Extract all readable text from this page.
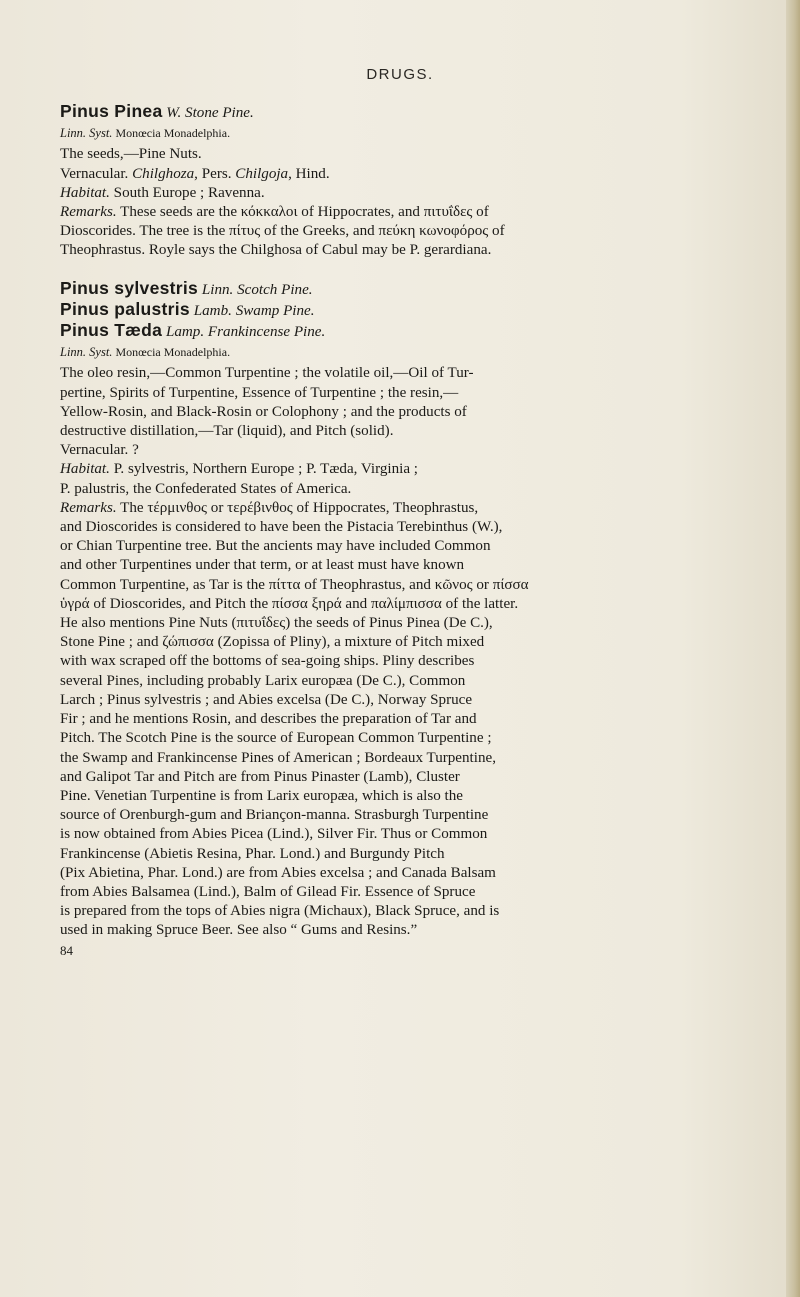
DRUGS.
Pinus Pinea W. Stone Pine.
Linn. Syst. Monœcia Monadelphia.

The seeds,—Pine Nuts.

Vernacular. Chilghoza, Pers. Chilgoja, Hind.

Habitat. South Europe ; Ravenna.

Remarks. These seeds are the κόκκαλοι of Hippocrates, and πιτυΐδες of
Dioscorides. The tree is the πίτυς of the Greeks, and πεύκη κωνοφόρος of
Theophrastus. Royle says the Chilghosa of Cabul may be P. gerardiana.
Pinus sylvestris Linn. Scotch Pine.
Pinus palustris Lamb. Swamp Pine.
Pinus Tæda Lamp. Frankincense Pine.
Linn. Syst. Monœcia Monadelphia.
The oleo resin,—Common Turpentine ; the volatile oil,—Oil of Tur-
pertine, Spirits of Turpentine, Essence of Turpentine ; the resin,—
Yellow-Rosin, and Black-Rosin or Colophony ; and the products of
destructive distillation,—Tar (liquid), and Pitch (solid).

Vernacular. ?

Habitat. P. sylvestris, Northern Europe ; P. Tæda, Virginia ;
P. palustris, the Confederated States of America.
Remarks. The τέρμινθος or τερέβινθος of Hippocrates, Theophrastus,
and Dioscorides is considered to have been the Pistacia Terebinthus (W.),
or Chian Turpentine tree. But the ancients may have included Common
and other Turpentines under that term, or at least must have known
Common Turpentine, as Tar is the πίττα of Theophrastus, and κῶνος or πίσσα
ὑγρά of Dioscorides, and Pitch the πίσσα ξηρά and παλίμπισσα of the latter.
He also mentions Pine Nuts (πιτυΐδες) the seeds of Pinus Pinea (De C.),
Stone Pine ; and ζώπισσα (Zopissa of Pliny), a mixture of Pitch mixed
with wax scraped off the bottoms of sea-going ships. Pliny describes
several Pines, including probably Larix europæa (De C.), Common
Larch ; Pinus sylvestris ; and Abies excelsa (De C.), Norway Spruce
Fir ; and he mentions Rosin, and describes the preparation of Tar and
Pitch. The Scotch Pine is the source of European Common Turpentine ;
the Swamp and Frankincense Pines of American ; Bordeaux Turpentine,
and Galipot Tar and Pitch are from Pinus Pinaster (Lamb), Cluster
Pine. Venetian Turpentine is from Larix europæa, which is also the
source of Orenburgh-gum and Briançon-manna. Strasburgh Turpentine
is now obtained from Abies Picea (Lind.), Silver Fir. Thus or Common
Frankincense (Abietis Resina, Phar. Lond.) and Burgundy Pitch
(Pix Abietina, Phar. Lond.) are from Abies excelsa ; and Canada Balsam
from Abies Balsamea (Lind.), Balm of Gilead Fir. Essence of Spruce
is prepared from the tops of Abies nigra (Michaux), Black Spruce, and is
used in making Spruce Beer. See also “ Gums and Resins.”
84
